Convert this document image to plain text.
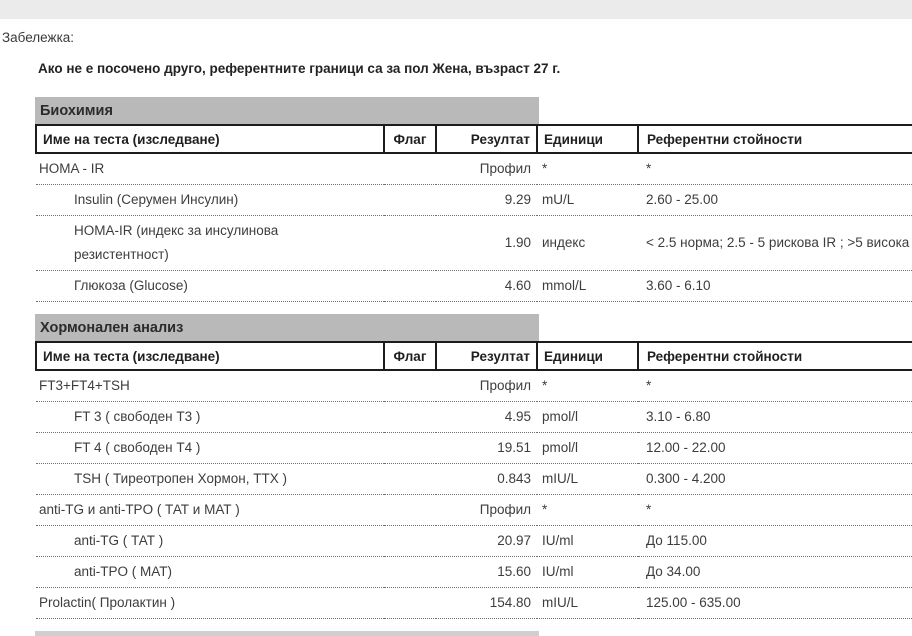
Забележка:
Ако не е посочено друго, референтните граници са за пол Жена, възраст 27 г.
Биохимия
Име на теста (изследване)	Флаг	Резултат	Единици	Референтни стойности
HOMA - IR		Профил	*	*
Insulin (Серумен Инсулин)		9.29	mU/L	2.60 - 25.00
HOMA-IR (индекс за инсулинова резистентност)		1.90	индекс	< 2.5 норма; 2.5 - 5 рискова IR ; >5 висока
Глюкоза (Glucose)		4.60	mmol/L	3.60 - 6.10
Хормонален анализ
Име на теста (изследване)	Флаг	Резултат	Единици	Референтни стойности
FT3+FT4+TSH		Профил	*	*
FT 3 ( свободен Т3 )		4.95	pmol/l	3.10 - 6.80
FT 4 ( свободен Т4 )		19.51	pmol/l	12.00 - 22.00
TSH ( Тиреотропен Хормон, ТТХ )		0.843	mIU/L	0.300 - 4.200
anti-TG и anti-TPO ( ТАТ и МАТ )		Профил	*	*
anti-TG ( ТАТ )		20.97	IU/ml	До 115.00
anti-TPO ( МАТ)		15.60	IU/ml	До 34.00
Prolactin( Пролактин )		154.80	mIU/L	125.00 - 635.00
